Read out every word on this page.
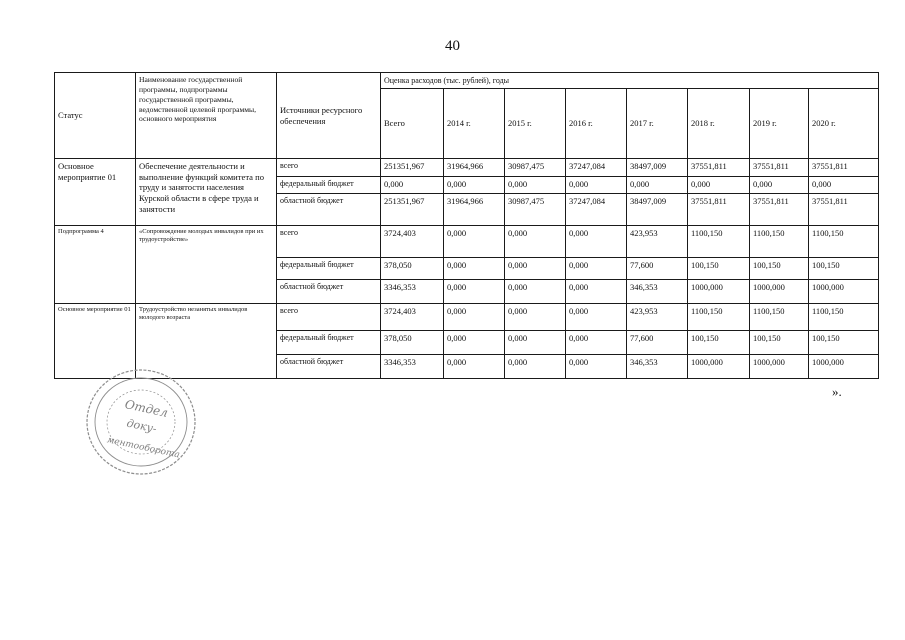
40
Статус	Наименование государственной программы, подпрограммы государственной программы, ведомственной целевой программы, основного мероприятия	Источники ресурсного обеспечения	Оценка расходов (тыс. рублей), годы							
			Всего	2014 г.	2015 г.	2016 г.	2017 г.	2018 г.	2019 г.	2020 г.
Основное мероприятие 01	Обеспечение деятельности и выполнение функций комитета по труду и занятости населения Курской области в сфере труда и занятости	всего	251351,967	31964,966	30987,475	37247,084	38497,009	37551,811	37551,811	37551,811
		федеральный бюджет	0,000	0,000	0,000	0,000	0,000	0,000	0,000	0,000
		областной бюджет	251351,967	31964,966	30987,475	37247,084	38497,009	37551,811	37551,811	37551,811
Подпрограмма 4	«Сопровождение молодых инвалидов при их трудоустройстве»	всего	3724,403	0,000	0,000	0,000	423,953	1100,150	1100,150	1100,150
		федеральный бюджет	378,050	0,000	0,000	0,000	77,600	100,150	100,150	100,150
		областной бюджет	3346,353	0,000	0,000	0,000	346,353	1000,000	1000,000	1000,000
Основное мероприятие 01	Трудоустройство незанятых инвалидов молодого возраста	всего	3724,403	0,000	0,000	0,000	423,953	1100,150	1100,150	1100,150
		федеральный бюджет	378,050	0,000	0,000	0,000	77,600	100,150	100,150	100,150
		областной бюджет	3346,353	0,000	0,000	0,000	346,353	1000,000	1000,000	1000,000
».
Отдел
доку-
ментооборота
